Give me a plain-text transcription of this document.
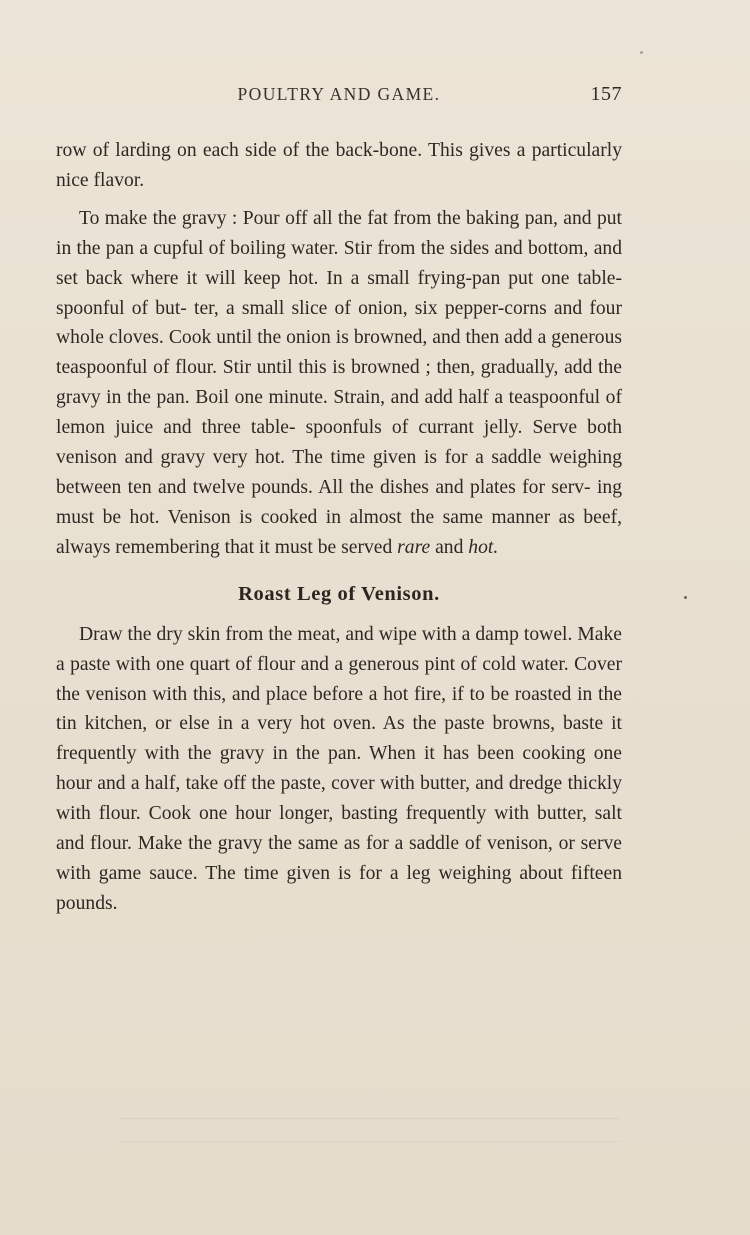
POULTRY AND GAME.	157

row of larding on each side of the back-bone. This gives a particularly nice flavor.

To make the gravy : Pour off all the fat from the baking pan, and put in the pan a cupful of boiling water. Stir from the sides and bottom, and set back where it will keep hot. In a small frying-pan put one table-spoonful of but- ter, a small slice of onion, six pepper-corns and four whole cloves. Cook until the onion is browned, and then add a generous teaspoonful of flour. Stir until this is browned ; then, gradually, add the gravy in the pan. Boil one minute. Strain, and add half a teaspoonful of lemon juice and three table- spoonfuls of currant jelly. Serve both venison and gravy very hot. The time given is for a saddle weighing between ten and twelve pounds. All the dishes and plates for serv- ing must be hot. Venison is cooked in almost the same manner as beef, always remembering that it must be served rare and hot.

Roast Leg of Venison.

Draw the dry skin from the meat, and wipe with a damp towel. Make a paste with one quart of flour and a generous pint of cold water. Cover the venison with this, and place before a hot fire, if to be roasted in the tin kitchen, or else in a very hot oven. As the paste browns, baste it frequently with the gravy in the pan. When it has been cooking one hour and a half, take off the paste, cover with butter, and dredge thickly with flour. Cook one hour longer, basting frequently with butter, salt and flour. Make the gravy the same as for a saddle of venison, or serve with game sauce. The time given is for a leg weighing about fifteen pounds.
